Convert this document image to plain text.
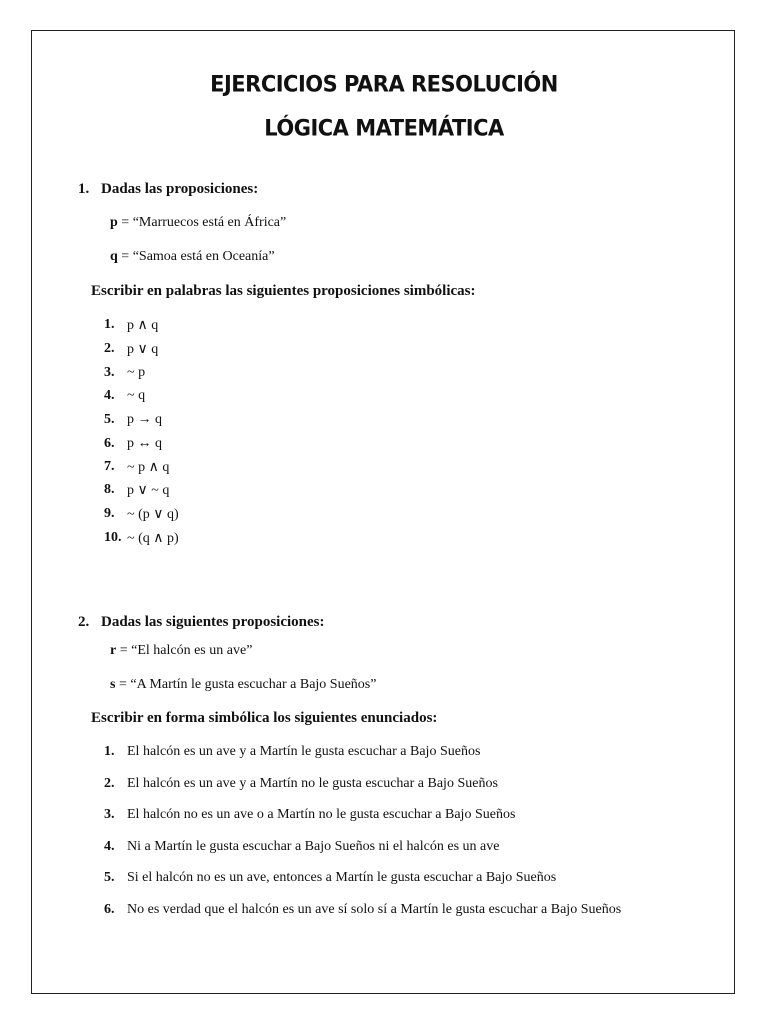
EJERCICIOS PARA RESOLUCIÓN
LÓGICA MATEMÁTICA
1. Dadas las proposiciones:
p = “Marruecos está en África”
q = “Samoa está en Oceanía”
Escribir en palabras las siguientes proposiciones simbólicas:
1. p ∧ q
2. p ∨ q
3. ~ p
4. ~ q
5. p → q
6. p ↔ q
7. ~ p ∧ q
8. p ∨ ~ q
9. ~ (p ∨ q)
10. ~ (q ∧ p)
2. Dadas las siguientes proposiciones:
r = “El halcón es un ave”
s = “A Martín le gusta escuchar a Bajo Sueños”
Escribir en forma simbólica los siguientes enunciados:
1. El halcón es un ave y a Martín le gusta escuchar a Bajo Sueños
2. El halcón es un ave y a Martín no le gusta escuchar a Bajo Sueños
3. El halcón no es un ave o a Martín no le gusta escuchar a Bajo Sueños
4. Ni a Martín le gusta escuchar a Bajo Sueños ni el halcón es un ave
5. Si el halcón no es un ave, entonces a Martín le gusta escuchar a Bajo Sueños
6. No es verdad que el halcón es un ave sí solo sí a Martín le gusta escuchar a Bajo Sueños
